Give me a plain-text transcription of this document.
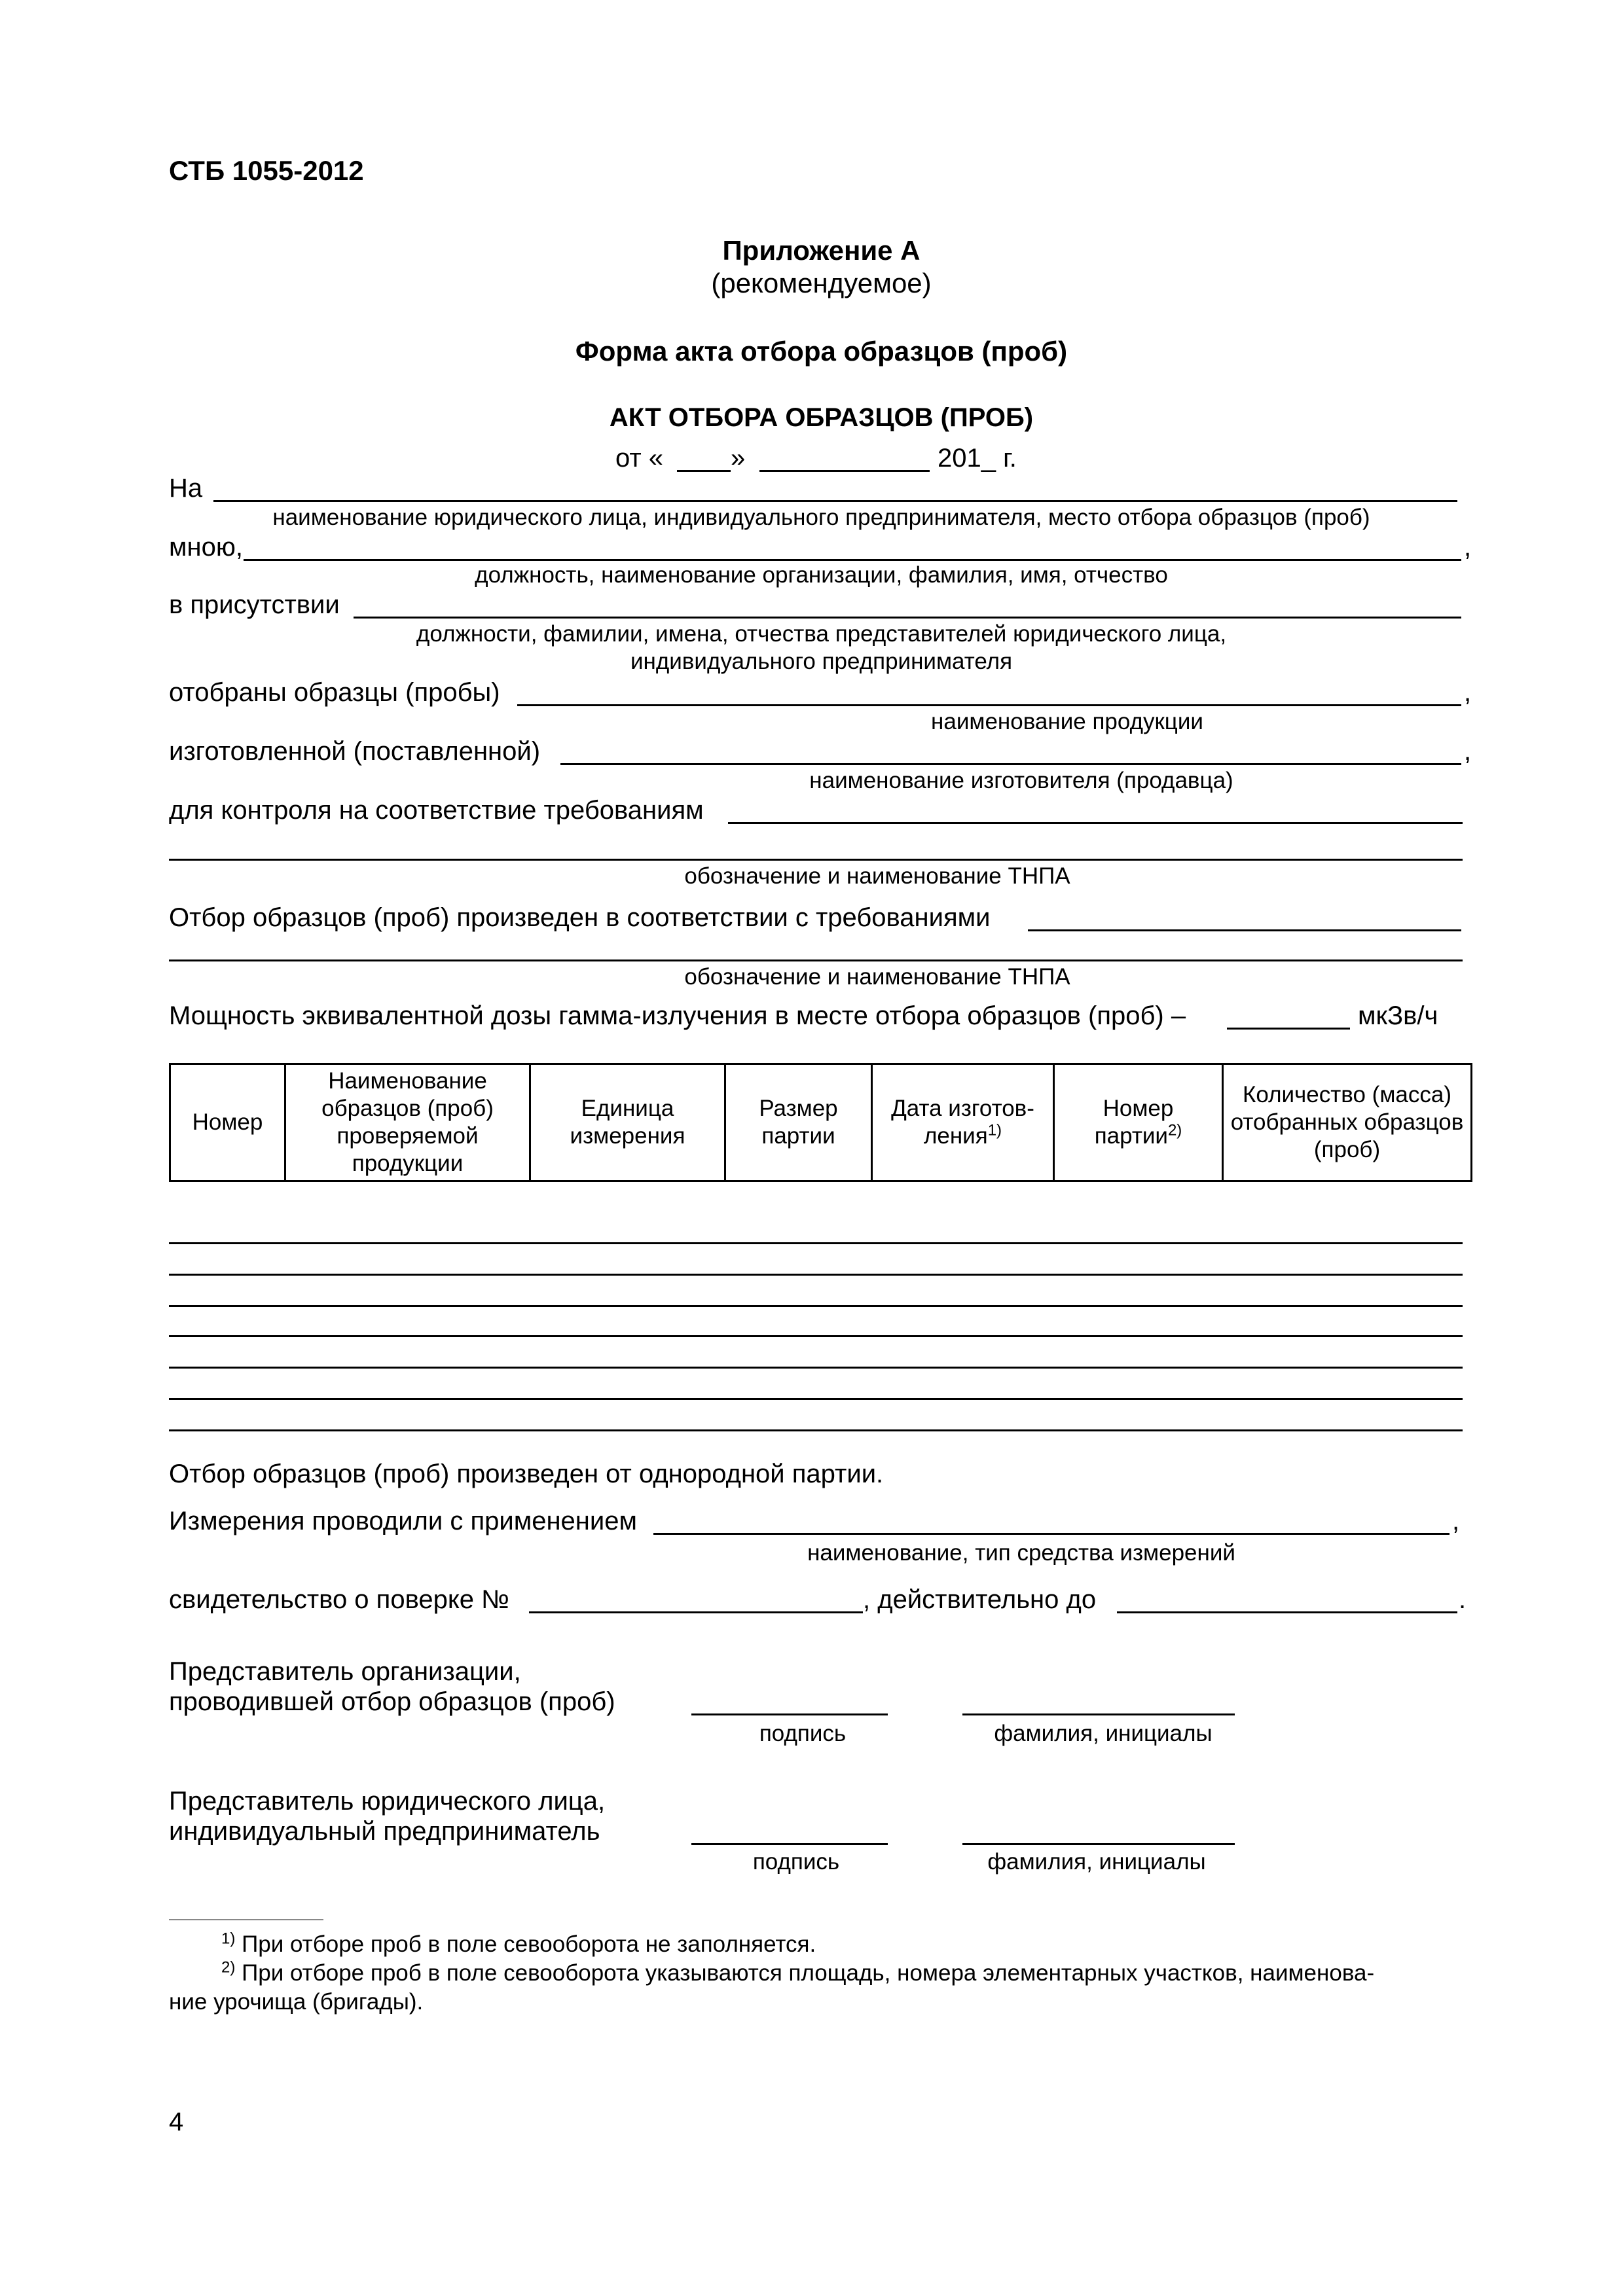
СТБ 1055-2012
Приложение А
(рекомендуемое)
Форма акта отбора образцов (проб)
АКТ ОТБОРА ОБРАЗЦОВ (ПРОБ)
от «	»	201_ г.
На
наименование юридического лица, индивидуального предпринимателя, место отбора образцов (проб)
мною,	,
должность, наименование организации, фамилия, имя, отчество
в присутствии
должности, фамилии, имена, отчества представителей юридического лица,
индивидуального предпринимателя
отобраны образцы (пробы)	,
наименование продукции
изготовленной (поставленной)	,
наименование изготовителя (продавца)
для контроля на соответствие требованиям
обозначение и наименование ТНПА
Отбор образцов (проб) произведен в соответствии с требованиями
обозначение и наименование ТНПА
Мощность эквивалентной дозы гамма-излучения в месте отбора образцов (проб) –	мкЗв/ч
Номер	Наименование образцов (проб) проверяемой продукции	Единица измерения	Размер партии	Дата изготов-ления$^{1)}$	Номер партии$^{2)}$	Количество (масса) отобранных образцов (проб)
Отбор образцов (проб) произведен от однородной партии.
Измерения проводили с применением	,
наименование, тип средства измерений
свидетельство о поверке №	, действительно до	.
Представитель организации,
проводившей отбор образцов (проб)
подпись	фамилия, инициалы
Представитель юридического лица,
индивидуальный предприниматель
подпись	фамилия, инициалы
$^{1)}$ При отборе проб в поле севооборота не заполняется.
$^{2)}$ При отборе проб в поле севооборота указываются площадь, номера элементарных участков, наименова-
ние урочища (бригады).
4
